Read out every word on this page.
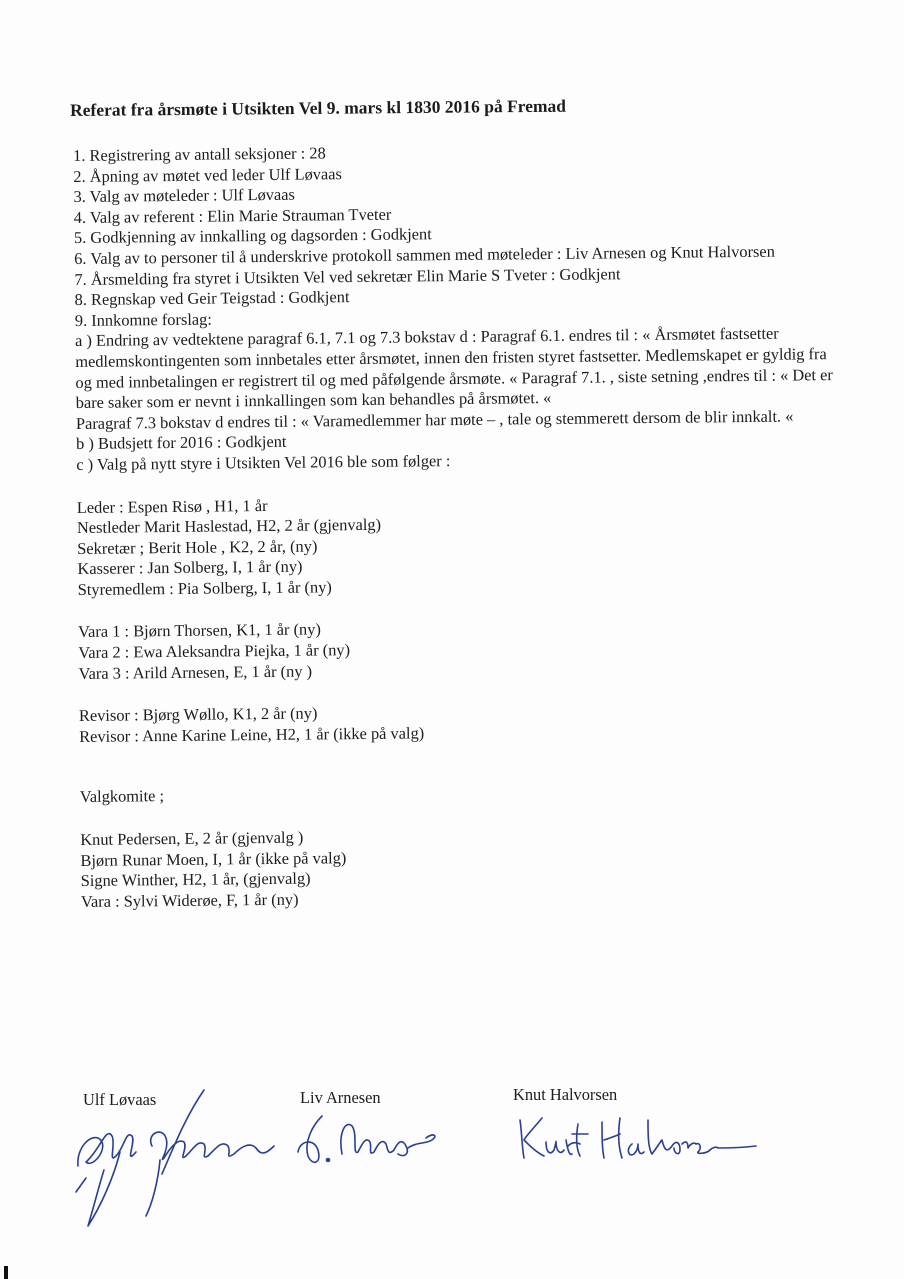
Referat fra årsmøte i Utsikten Vel 9. mars kl 1830 2016 på Fremad

1. Registrering av antall seksjoner : 28

2. Åpning av møtet ved leder Ulf Løvaas

3. Valg av møteleder : Ulf Løvaas

4. Valg av referent : Elin Marie Strauman Tveter

5. Godkjenning av innkalling og dagsorden : Godkjent

6. Valg av to personer til å underskrive protokoll sammen med møteleder : Liv Arnesen og Knut Halvorsen

7. Årsmelding fra styret i Utsikten Vel ved sekretær Elin Marie S Tveter : Godkjent

8. Regnskap ved Geir Teigstad : Godkjent

9. Innkomne forslag:

a ) Endring av vedtektene paragraf 6.1, 7.1 og 7.3 bokstav d : Paragraf 6.1. endres til : « Årsmøtet fastsetter medlemskontingenten som innbetales etter årsmøtet, innen den fristen styret fastsetter. Medlemskapet er gyldig fra og med innbetalingen er registrert til og med påfølgende årsmøte. « Paragraf 7.1. , siste setning ,endres til : « Det er bare saker som er nevnt i innkallingen som kan behandles på årsmøtet. «

Paragraf 7.3 bokstav d endres til : « Varamedlemmer har møte – , tale og stemmerett dersom de blir innkalt. «

b ) Budsjett for 2016 : Godkjent

c ) Valg på nytt styre i Utsikten Vel 2016 ble som følger :

Leder : Espen Risø , H1, 1 år

Nestleder Marit Haslestad, H2, 2 år (gjenvalg)

Sekretær ; Berit Hole , K2, 2 år, (ny)

Kasserer : Jan Solberg, I, 1 år (ny)

Styremedlem : Pia Solberg, I, 1 år (ny)

Vara 1 : Bjørn Thorsen, K1, 1 år (ny)

Vara 2 : Ewa Aleksandra Piejka, 1 år (ny)

Vara 3 : Arild Arnesen, E, 1 år (ny )

Revisor : Bjørg Wøllo, K1, 2 år (ny)

Revisor : Anne Karine Leine, H2, 1 år (ikke på valg)

Valgkomite ;

Knut Pedersen, E, 2 år (gjenvalg )

Bjørn Runar Moen, I, 1 år (ikke på valg)

Signe Winther, H2, 1 år, (gjenvalg)

Vara : Sylvi Widerøe, F, 1 år (ny)

Ulf Løvaas	Liv Arnesen	Knut Halvorsen
